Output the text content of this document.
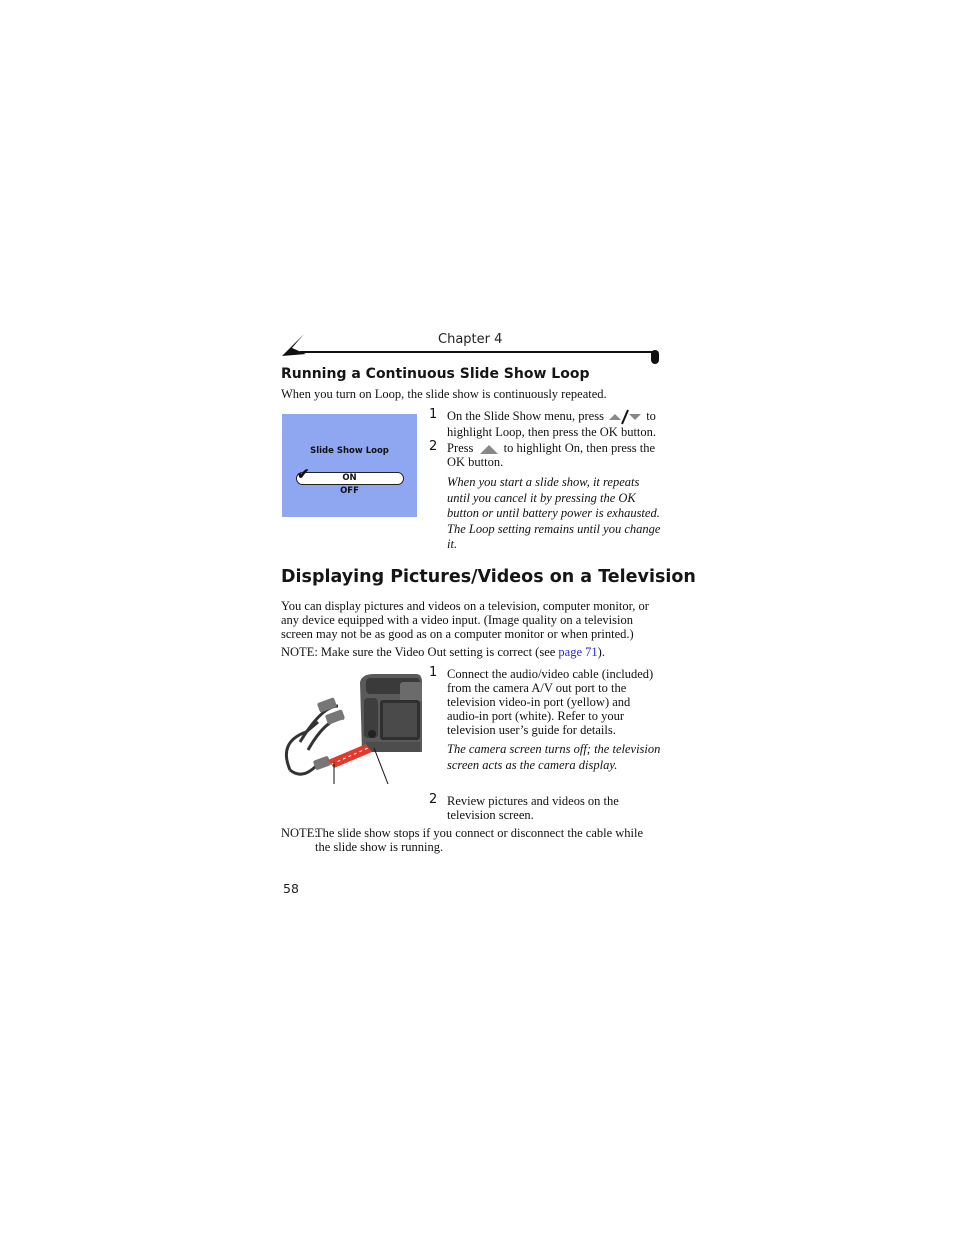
Chapter 4
Running a Continuous Slide Show Loop
When you turn on Loop, the slide show is continuously repeated.
Slide Show Loop
✔	ON
OFF
1 On the Slide Show menu, press	to highlight Loop, then press the OK button.
2 Press to highlight On, then press the OK button.
When you start a slide show, it repeats until you cancel it by pressing the OK button or until battery power is exhausted. The Loop setting remains until you change it.
Displaying Pictures/Videos on a Television
You can display pictures and videos on a television, computer monitor, or any device equipped with a video input. (Image quality on a television screen may not be as good as on a computer monitor or when printed.)
NOTE: Make sure the Video Out setting is correct (see page 71).
1 Connect the audio/video cable (included) from the camera A/V out port to the television video-in port (yellow) and audio-in port (white). Refer to your television user’s guide for details.
The camera screen turns off; the television screen acts as the camera display.
2 Review pictures and videos on the television screen.
NOTE:
The slide show stops if you connect or disconnect the cable while the slide show is running.
58
